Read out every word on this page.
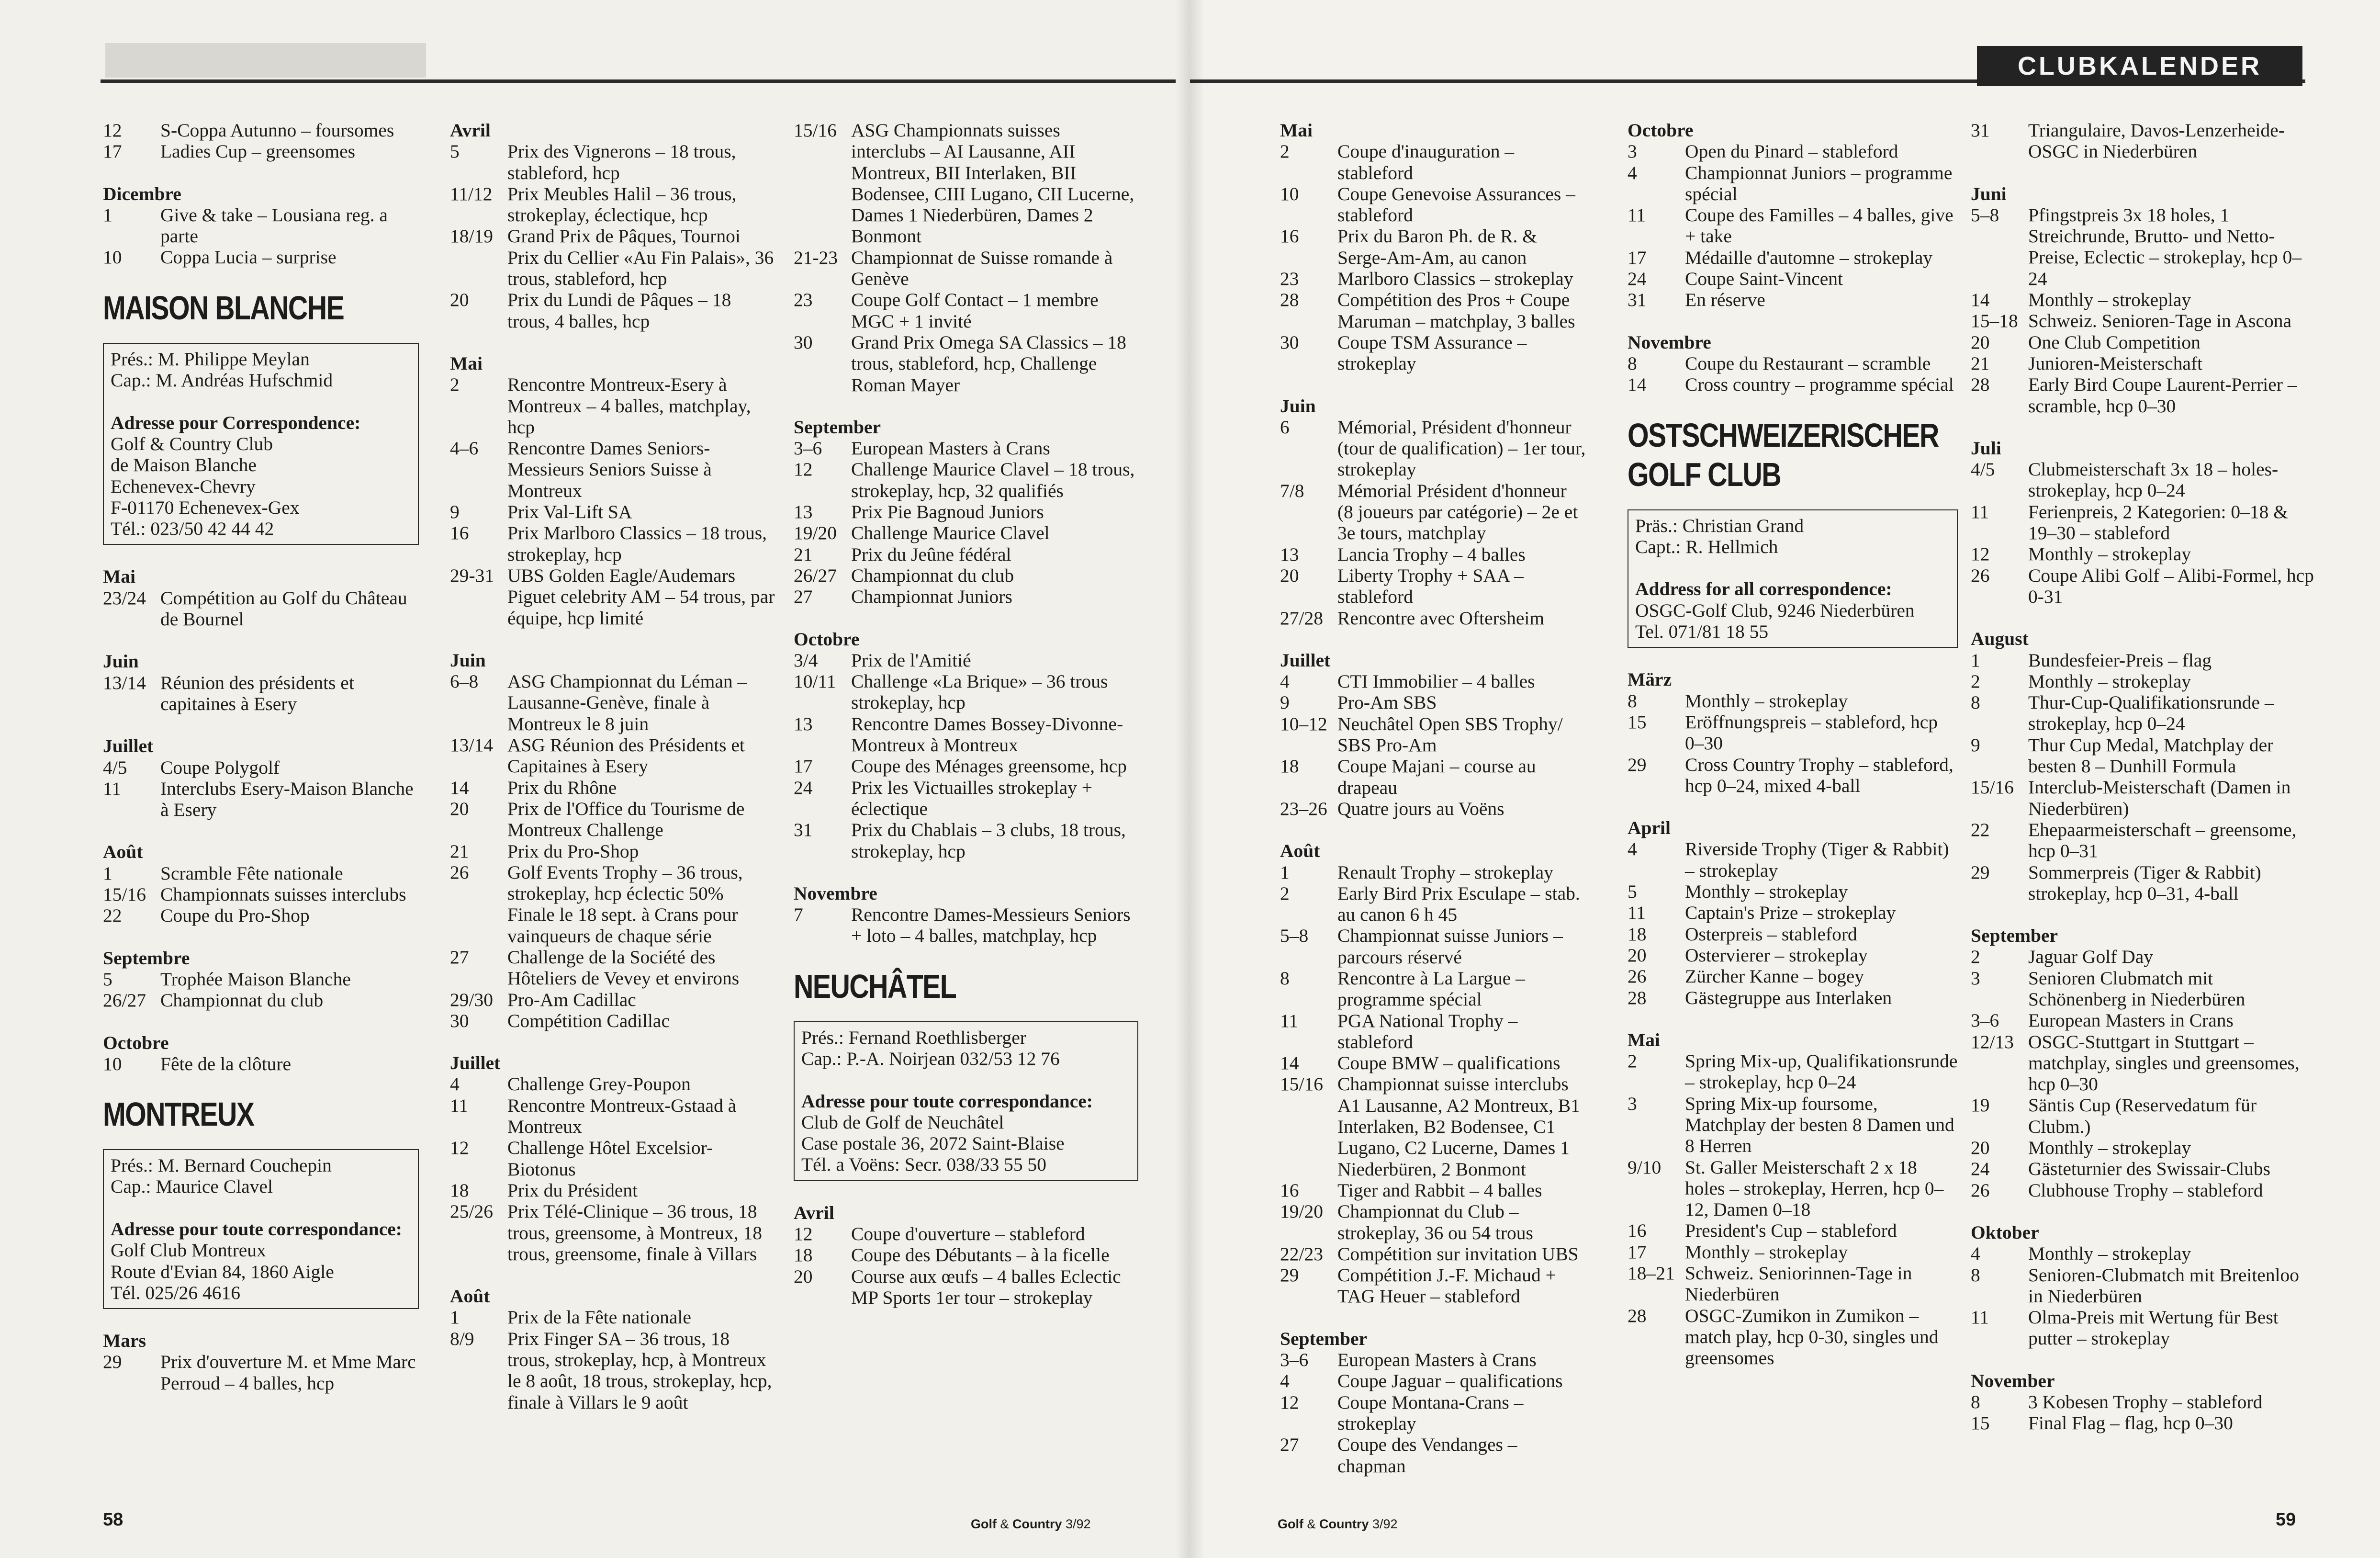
12	S-Coppa Autunno – foursomes
17	Ladies Cup – greensomes
Dicembre
1	Give & take – Lousiana reg. a parte
10	Coppa Lucia – surprise
MAISON BLANCHE
Prés.: M. Philippe Meylan
Cap.: M. Andréas Hufschmid

Adresse pour Correspondence:
Golf & Country Club
de Maison Blanche
Echenevex-Chevry
F-01170 Echenevex-Gex
Tél.: 023/50 42 44 42
Mai
23/24 Compétition au Golf du Château de Bournel
Juin
13/14 Réunion des présidents et capitaines à Esery
Juillet
4/5	Coupe Polygolf
11	Interclubs Esery-Maison Blanche à Esery
Août
1	Scramble Fête nationale
15/16 Championnats suisses interclubs
22	Coupe du Pro-Shop
Septembre
5	Trophée Maison Blanche
26/27 Championnat du club
Octobre
10	Fête de la clôture
MONTREUX
Prés.: M. Bernard Couchepin
Cap.: Maurice Clavel

Adresse pour toute correspondance:
Golf Club Montreux
Route d'Evian 84, 1860 Aigle
Tél. 025/26 4616
Mars
29	Prix d'ouverture M. et Mme Marc Perroud – 4 balles, hcp
Avril
5	Prix des Vignerons – 18 trous, stableford, hcp
11/12 Prix Meubles Halil – 36 trous, strokeplay, éclectique, hcp
18/19 Grand Prix de Pâques, Tournoi Prix du Cellier «Au Fin Palais», 36 trous, stableford, hcp
20	Prix du Lundi de Pâques – 18 trous, 4 balles, hcp
Mai
2	Rencontre Montreux-Esery à Montreux – 4 balles, matchplay, hcp
4–6	Rencontre Dames Seniors-Messieurs Seniors Suisse à Montreux
9	Prix Val-Lift SA
16	Prix Marlboro Classics – 18 trous, strokeplay, hcp
29-31 UBS Golden Eagle/Audemars Piguet celebrity AM – 54 trous, par équipe, hcp limité
Juin
6–8	ASG Championnat du Léman – Lausanne-Genève, finale à Montreux le 8 juin
13/14 ASG Réunion des Présidents et Capitaines à Esery
14	Prix du Rhône
20	Prix de l'Office du Tourisme de Montreux Challenge
21	Prix du Pro-Shop
26	Golf Events Trophy – 36 trous, strokeplay, hcp éclectic 50% Finale le 18 sept. à Crans pour vainqueurs de chaque série
27	Challenge de la Société des Hôteliers de Vevey et environs
29/30 Pro-Am Cadillac
30	Compétition Cadillac
Juillet
4	Challenge Grey-Poupon
11	Rencontre Montreux-Gstaad à Montreux
12	Challenge Hôtel Excelsior-Biotonus
18	Prix du Président
25/26 Prix Télé-Clinique – 36 trous, 18 trous, greensome, à Montreux, 18 trous, greensome, finale à Villars
Août
1	Prix de la Fête nationale
8/9	Prix Finger SA – 36 trous, 18 trous, strokeplay, hcp, à Montreux le 8 août, 18 trous, strokeplay, hcp, finale à Villars le 9 août
15/16 ASG Championnats suisses interclubs – AI Lausanne, AII Montreux, BII Interlaken, BII Bodensee, CIII Lugano, CII Lucerne, Dames 1 Niederbüren, Dames 2 Bonmont
21-23 Championnat de Suisse romande à Genève
23	Coupe Golf Contact – 1 membre MGC + 1 invité
30	Grand Prix Omega SA Classics – 18 trous, stableford, hcp, Challenge Roman Mayer
September
3–6	European Masters à Crans
12	Challenge Maurice Clavel – 18 trous, strokeplay, hcp, 32 qualifiés
13	Prix Pie Bagnoud Juniors
19/20 Challenge Maurice Clavel
21	Prix du Jeûne fédéral
26/27 Championnat du club
27	Championnat Juniors
Octobre
3/4	Prix de l'Amitié
10/11 Challenge «La Brique» – 36 trous strokeplay, hcp
13	Rencontre Dames Bossey-Divonne-Montreux à Montreux
17	Coupe des Ménages greensome, hcp
24	Prix les Victuailles strokeplay + éclectique
31	Prix du Chablais – 3 clubs, 18 trous, strokeplay, hcp
Novembre
7	Rencontre Dames-Messieurs Seniors + loto – 4 balles, matchplay, hcp
NEUCHÂTEL
Prés.: Fernand Roethlisberger
Cap.: P.-A. Noirjean 032/53 12 76

Adresse pour toute correspondance:
Club de Golf de Neuchâtel
Case postale 36, 2072 Saint-Blaise
Tél. a Voëns: Secr. 038/33 55 50
Avril
12	Coupe d'ouverture – stableford
18	Coupe des Débutants – à la ficelle
20	Course aux œufs – 4 balles Eclectic MP Sports 1er tour – strokeplay
58	Golf & Country 3/92
Mai
2	Coupe d'inauguration – stableford
10	Coupe Genevoise Assurances – stableford
16	Prix du Baron Ph. de R. & Serge-Am-Am, au canon
23	Marlboro Classics – strokeplay
28	Compétition des Pros + Coupe Maruman – matchplay, 3 balles
30	Coupe TSM Assurance – strokeplay
Juin
6	Mémorial, Président d'honneur (tour de qualification) – 1er tour, strokeplay
7/8	Mémorial Président d'honneur (8 joueurs par catégorie) – 2e et 3e tours, matchplay
13	Lancia Trophy – 4 balles
20	Liberty Trophy + SAA – stableford
27/28 Rencontre avec Oftersheim
Juillet
4	CTI Immobilier – 4 balles
9	Pro-Am SBS
10–12 Neuchâtel Open SBS Trophy/ SBS Pro-Am
18	Coupe Majani – course au drapeau
23–26 Quatre jours au Voëns
Août
1	Renault Trophy – strokeplay
2	Early Bird Prix Esculape – stab. au canon 6 h 45
5–8	Championnat suisse Juniors – parcours réservé
8	Rencontre à La Largue – programme spécial
11	PGA National Trophy – stableford
14	Coupe BMW – qualifications
15/16 Championnat suisse interclubs A1 Lausanne, A2 Montreux, B1 Interlaken, B2 Bodensee, C1 Lugano, C2 Lucerne, Dames 1 Niederbüren, 2 Bonmont
16	Tiger and Rabbit – 4 balles
19/20 Championnat du Club – strokeplay, 36 ou 54 trous
22/23 Compétition sur invitation UBS
29	Compétition J.-F. Michaud + TAG Heuer – stableford
September
3–6	European Masters à Crans
4	Coupe Jaguar – qualifications
12	Coupe Montana-Crans – strokeplay
27	Coupe des Vendanges – chapman
Octobre
3	Open du Pinard – stableford
4	Championnat Juniors – programme spécial
11	Coupe des Familles – 4 balles, give + take
17	Médaille d'automne – strokeplay
24	Coupe Saint-Vincent
31	En réserve
Novembre
8	Coupe du Restaurant – scramble
14	Cross country – programme spécial
OSTSCHWEIZERISCHER
GOLF CLUB
Präs.: Christian Grand
Capt.: R. Hellmich

Address for all correspondence:
OSGC-Golf Club, 9246 Niederbüren
Tel. 071/81 18 55
März
8	Monthly – strokeplay
15	Eröffnungspreis – stableford, hcp 0–30
29	Cross Country Trophy – stableford, hcp 0–24, mixed 4-ball
April
4	Riverside Trophy (Tiger & Rabbit) – strokeplay
5	Monthly – strokeplay
11	Captain's Prize – strokeplay
18	Osterpreis – stableford
20	Ostervierer – strokeplay
26	Zürcher Kanne – bogey
28	Gästegruppe aus Interlaken
Mai
2	Spring Mix-up, Qualifikationsrunde – strokeplay, hcp 0–24
3	Spring Mix-up foursome, Matchplay der besten 8 Damen und 8 Herren
9/10	St. Galler Meisterschaft 2 x 18 holes – strokeplay, Herren, hcp 0–12, Damen 0–18
16	President's Cup – stableford
17	Monthly – strokeplay
18–21 Schweiz. Seniorinnen-Tage in Niederbüren
28	OSGC-Zumikon in Zumikon – match play, hcp 0-30, singles und greensomes
31	Triangulaire, Davos-Lenzerheide-OSGC in Niederbüren
Juni
5–8	Pfingstpreis 3x 18 holes, 1 Streichrunde, Brutto- und Netto-Preise, Eclectic – strokeplay, hcp 0–24
14	Monthly – strokeplay
15–18 Schweiz. Senioren-Tage in Ascona
20	One Club Competition
21	Junioren-Meisterschaft
28	Early Bird Coupe Laurent-Perrier – scramble, hcp 0–30
Juli
4/5	Clubmeisterschaft 3x 18 – holes-strokeplay, hcp 0–24
11	Ferienpreis, 2 Kategorien: 0–18 & 19–30 – stableford
12	Monthly – strokeplay
26	Coupe Alibi Golf – Alibi-Formel, hcp 0-31
August
1	Bundesfeier-Preis – flag
2	Monthly – strokeplay
8	Thur-Cup-Qualifikationsrunde – strokeplay, hcp 0–24
9	Thur Cup Medal, Matchplay der besten 8 – Dunhill Formula
15/16 Interclub-Meisterschaft (Damen in Niederbüren)
22	Ehepaarmeisterschaft – greensome, hcp 0–31
29	Sommerpreis (Tiger & Rabbit) strokeplay, hcp 0–31, 4-ball
September
2	Jaguar Golf Day
3	Senioren Clubmatch mit Schönenberg in Niederbüren
3–6	European Masters in Crans
12/13 OSGC-Stuttgart in Stuttgart – matchplay, singles und greensomes, hcp 0–30
19	Säntis Cup (Reservedatum für Clubm.)
20	Monthly – strokeplay
24	Gästeturnier des Swissair-Clubs
26	Clubhouse Trophy – stableford
Oktober
4	Monthly – strokeplay
8	Senioren-Clubmatch mit Breitenloo in Niederbüren
11	Olma-Preis mit Wertung für Best putter – strokeplay
November
8	3 Kobesen Trophy – stableford
15	Final Flag – flag, hcp 0–30
Golf & Country 3/92	59
CLUBKALENDER
